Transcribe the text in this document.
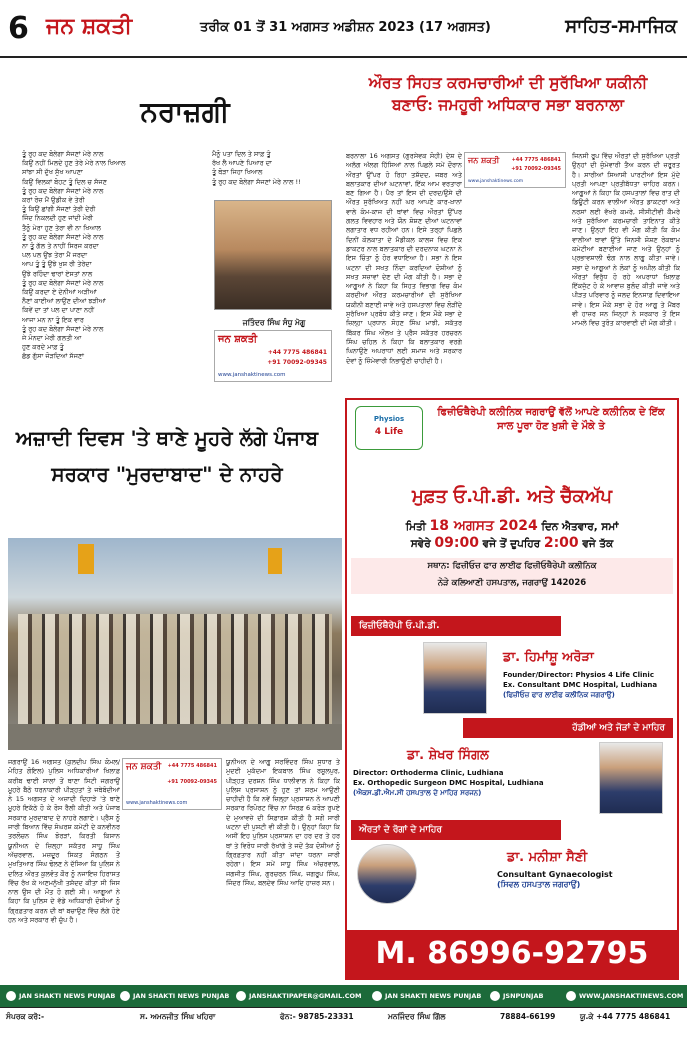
6 ਜਨ ਸ਼ਕਤੀ	ਤਰੀਕ 01 ਤੋਂ 31 ਅਗਸਤ ਅਡੀਸ਼ਨ 2023 (17 ਅਗਸਤ)	ਸਾਹਿਤ-ਸਮਾਜਿਕ
ਨਰਾਜ਼ਗੀ
ਤੂੰ ਰੁਹ ਕਦ ਬੋਲੇਗਾ ਸੱਜਣਾਂ ਮੇਰੇ ਨਾਲ
ਕਿਉਂ ਨਹੀਂ ਮਿਲਦੇ ਹੁਣ ਤੇਰੇ ਮੇਰੇ ਨਾਲ ਖਿਆਲ
ਸਾਂਝਾ ਸੀ ਦੁੱਖ ਸੁੱਖ ਆਪਣਾ
ਕਿਉਂ ਵਿਲਕਾਂ ਬੋਹਟ ਤੂੰ ਦਿਲ ਚ ਸੱਜਣ
ਤੂੰ ਰੁਹ ਕਦ ਬੋਲੇਗਾ ਸੱਜਣਾਂ ਮੇਰੇ ਨਾਲ
ਕਰਾਂ ਰੋਜ਼ ਮੈਂ ਉਡੀਕ ਵੇ ਤੇਰੀ
ਤੂੰ ਕਿਉਂ ਛਾਂਗੀ ਸੱਜਣਾਂ ਤੇਰੀ ਦੇਰੀ
ਜਿੰਦ ਨਿਕਲਦੀ ਹੁਣ ਜਾਂਦੀ ਮੇਰੀ
ਤੈਨੂੰ ਮੇਰਾ ਹੁਣ ਤੇਰਾ ਵੀ ਨਾ ਖਿਆਲ
ਤੂੰ ਰੁਹ ਕਦ ਬੋਲੇਗਾ ਸੱਜਣਾਂ ਮੇਰੇ ਨਾਲ
ਨਾ ਤੂੰ ਗੱਲ ਤੇ ਨਾਹੀਂ ਸਿਰਜ ਕਰਦਾ
ਪਲ ਪਲ ਉਂਝ ਤੇਰਾ ਮੈਂ ਜਰਦਾ
ਆਪ ਤੂੰ ਤੂੰ ਉਂਝੇ ਖੁਸ਼ ਰੀ ਤੇਰੇਦਾ
ਉਂਝੇ ਰਹਿੰਦਾ ਢਾਰਾਂ ਏਸਤਾਂ ਨਾਲ
ਤੂੰ ਰੁਹ ਕਦ ਬੋਲੇਗਾ ਸੱਜਣਾਂ ਮੇਰੇ ਨਾਲ
ਕਿਉਂ ਕਰਦਾ ਏ ਦੇਨੀਆਂ ਅੜੀਆਂ
ਨੈਣਾਂ ਕਾਈਆਂ ਲਾਉਂਣ ਦੀਆਂ ਝੜੀਆਂ
ਕਿਵੇਂ ਦਾ ਤਾਂ ਪਲ ਦਾ ਪਾਣਾ ਨਹੀਂ
ਆਜਾ ਮਨ ਨਾ ਤੂੰ ਇਕ ਵਾਰ
ਤੂੰ ਰੁਹ ਕਦ ਬੋਲੇਗਾ ਸੱਜਣਾਂ ਮੇਰੇ ਨਾਲ
ਜੇ ਮੰਨਦਾ ਮੇਰੀ ਗਲਤੀ ਆ
ਹੁਣ ਕਰਦੇ ਮਾਫ਼ ਤੂੰ
ਛੱਡ ਗੁੱਸਾ ਜੋੜਦਿਆਂ ਸੱਜਣਾਂ
ਮੈਨੂੰ ਪਤਾ ਦਿਲ ਤੇ ਸਾਫ਼ ਤੂੰ
ਰੱਖ ਲੈ ਆਪਣੇ ਪਿਆਰ ਦਾ
ਤੂੰ ਥੋੜਾ ਜਿਹਾ ਖਿਆਲ
ਤੂੰ ਰੁਹ ਕਦ ਬੋਲੇਗਾ ਸੱਜਣਾਂ ਮੇਰੇ ਨਾਲ !!
ਜਤਿੰਦਰ ਸਿੰਘ ਸੰਧੂ ਮੋਗੂ
ਜਨ ਸ਼ਕਤੀ
+44 7775 486841
+91 70092-09345
www.janshaktinews.com
ਔਰਤ ਸਿਹਤ ਕਰਮਚਾਰੀਆਂ ਦੀ ਸੁਰੱਖਿਆ ਯਕੀਨੀ
ਬਣਾਓ: ਜਮਹੂਰੀ ਅਧਿਕਾਰ ਸਭਾ ਬਰਨਾਲਾ
ਜਨ ਸ਼ਕਤੀ +44 7775 486841
+91 70092-09345
www.janshaktinews.com
ਬਰਨਾਲਾ 16 ਅਗਸਤ (ਗੁਰਸੇਵਕ ਸੋਹੀ) ਦੇਸ਼ ਦੇ ਅਲੱਗ ਅੱਲਗ ਹਿੱਸਿਆਂ ਨਾਲ ਪਿਛਲੇ ਸਮੇਂ ਦੌਰਾਨ ਔਰਤਾਂ ਉੱਪਰ ਹੋ ਰਿਹਾ ਤਸ਼ੱਦਦ, ਜਬਰ ਅਤੇ ਬਲਾਤਕਾਰ ਦੀਆਂ ਘਟਨਾਵਾਂ, ਇੱਕ ਆਮ ਵਰਤਾਰਾ ਬਣ ਗਿਆ ਹੈ। ਪੈਰ ਤਾਂ ਇਸ ਦੀ ਦਰਦ/ਉਸੇ ਦੀ ਔਰਤ ਸੁਰੱਖਿਅਤ ਨਹੀਂ ਘਰ ਆਪਣੇ ਕਾਰ-ਖ਼ਾਨਾਂ ਵਾਲੇ ਕੰਮ-ਕਾਜ ਦੀ ਥਾਂਵਾਂ ਵਿਚ ਔਰਤਾਂ ਉੱਪਰ ਗਲਤ ਵਿਵਹਾਰ ਅਤੇ ਯੌਨ ਸ਼ੋਸ਼ਣ ਦੀਆਂ ਘਟਨਾਵਾਂ ਲਗਾਤਾਰ ਵਧ ਰਹੀਆਂ ਹਨ। ਇਸੇ ਤਰ੍ਹਾਂ ਪਿਛਲੇ ਦਿਨੀਂ ਕੋਲਕਾਤਾ ਦੇ ਮੈਡੀਕਲ ਕਾਲਜ ਵਿਚ ਇਕ ਡਾਕਟਰ ਨਾਲ ਬਲਾਤਕਾਰ ਦੀ ਦਰਦਨਾਕ ਘਟਨਾ ਨੇ ਇਸ ਚਿੰਤਾ ਨੂੰ ਹੋਰ ਵਧਾਇਆ ਹੈ। ਸਭਾ ਨੇ ਇਸ ਘਟਨਾ ਦੀ ਸਖਤ ਨਿੰਦਾ ਕਰਦਿਆਂ ਦੋਸ਼ੀਆਂ ਨੂੰ ਸਖਤ ਸਜ਼ਾਵਾਂ ਦੇਣ ਦੀ ਮੰਗ ਕੀਤੀ ਹੈ। ਸਭਾ ਦੇ ਆਗੂਆਂ ਨੇ ਕਿਹਾ ਕਿ ਸਿਹਤ ਵਿਭਾਗ ਵਿਚ ਕੰਮ ਕਰਦੀਆਂ ਔਰਤ ਕਰਮਚਾਰੀਆਂ ਦੀ ਸੁਰੱਖਿਆ ਯਕੀਨੀ ਬਣਾਈ ਜਾਵੇ ਅਤੇ ਹਸਪਤਾਲਾਂ ਵਿਚ ਲੋੜੀਂਦੇ ਸੁਰੱਖਿਆ ਪ੍ਰਬੰਧ ਕੀਤੇ ਜਾਣ। ਇਸ ਮੌਕੇ ਸਭਾ ਦੇ ਜ਼ਿਲ੍ਹਾ ਪ੍ਰਧਾਨ ਸੋਹਣ ਸਿੰਘ ਮਾਝੀ, ਸਕੱਤਰ ਬਿੱਕਰ ਸਿੰਘ ਔਲਖ ਤੇ ਪ੍ਰੈਸ ਸਕੱਤਰ ਹਰਚਰਨ ਸਿੰਘ ਚਹਿਲ ਨੇ ਕਿਹਾ ਕਿ ਬਲਾਤਕਾਰ ਵਰਗੇ ਘਿਨਾਉਣੇ ਅਪਰਾਧਾਂ ਲਈ ਸਮਾਜ ਅਤੇ ਸਰਕਾਰ ਦੋਵਾਂ ਨੂੰ ਜ਼ਿੰਮੇਵਾਰੀ ਨਿਭਾਉਣੀ ਚਾਹੀਦੀ ਹੈ।
ਜਿਨਸੀ ਰੂਪ ਵਿੱਚ ਔਰਤਾਂ ਦੀ ਸੁਰੱਖਿਆ ਪ੍ਰਤੀ ਉਨ੍ਹਾਂ ਦੀ ਜ਼ੁੰਮੇਵਾਰੀ ਤੈਅ ਕਰਨ ਦੀ ਜ਼ਰੂਰਤ ਹੈ। ਸਾਰੀਆਂ ਸਿਆਸੀ ਪਾਰਟੀਆਂ ਇਸ ਮੁੱਦੇ ਪ੍ਰਤੀ ਆਪਣਾ ਪ੍ਰਤੀਬੱਧਤਾ ਜ਼ਾਹਿਰ ਕਰਨ। ਆਗੂਆਂ ਨੇ ਕਿਹਾ ਕਿ ਹਸਪਤਾਲਾਂ ਵਿਚ ਰਾਤ ਦੀ ਡਿਊਟੀ ਕਰਨ ਵਾਲੀਆਂ ਔਰਤ ਡਾਕਟਰਾਂ ਅਤੇ ਨਰਸਾਂ ਲਈ ਵੱਖਰੇ ਕਮਰੇ, ਸੀਸੀਟੀਵੀ ਕੈਮਰੇ ਅਤੇ ਸੁਰੱਖਿਆ ਕਰਮਚਾਰੀ ਤਾਇਨਾਤ ਕੀਤੇ ਜਾਣ। ਉਨ੍ਹਾਂ ਇਹ ਵੀ ਮੰਗ ਕੀਤੀ ਕਿ ਕੰਮ ਵਾਲੀਆਂ ਥਾਵਾਂ ਉੱਤੇ ਜਿਨਸੀ ਸ਼ੋਸ਼ਣ ਰੋਕਥਾਮ ਕਮੇਟੀਆਂ ਬਣਾਈਆਂ ਜਾਣ ਅਤੇ ਉਨ੍ਹਾਂ ਨੂੰ ਪ੍ਰਭਾਵਸ਼ਾਲੀ ਢੰਗ ਨਾਲ ਲਾਗੂ ਕੀਤਾ ਜਾਵੇ। ਸਭਾ ਦੇ ਆਗੂਆਂ ਨੇ ਲੋਕਾਂ ਨੂੰ ਅਪੀਲ ਕੀਤੀ ਕਿ ਔਰਤਾਂ ਵਿਰੁੱਧ ਹੋ ਰਹੇ ਅਪਰਾਧਾਂ ਖ਼ਿਲਾਫ਼ ਇੱਕਜੁੱਟ ਹੋ ਕੇ ਆਵਾਜ਼ ਬੁਲੰਦ ਕੀਤੀ ਜਾਵੇ ਅਤੇ ਪੀੜਤ ਪਰਿਵਾਰ ਨੂੰ ਜਲਦ ਇਨਸਾਫ਼ ਦਿਵਾਇਆ ਜਾਵੇ। ਇਸ ਮੌਕੇ ਸਭਾ ਦੇ ਹੋਰ ਆਗੂ ਤੇ ਮੈਂਬਰ ਵੀ ਹਾਜ਼ਰ ਸਨ ਜਿਨ੍ਹਾਂ ਨੇ ਸਰਕਾਰ ਤੋਂ ਇਸ ਮਾਮਲੇ ਵਿਚ ਤੁਰੰਤ ਕਾਰਵਾਈ ਦੀ ਮੰਗ ਕੀਤੀ।
ਅਜ਼ਾਦੀ ਦਿਵਸ 'ਤੇ ਥਾਣੇ ਮੂਹਰੇ ਲੱਗੇ ਪੰਜਾਬ
ਸਰਕਾਰ "ਮੁਰਦਾਬਾਦ" ਦੇ ਨਾਹਰੇ
ਜਨ ਸ਼ਕਤੀ +44 7775 486841
+91 70092-09345
www.janshaktinews.com
ਜਗਰਾਉਂ 16 ਅਗਸਤ (ਕੁਲਦੀਪ ਸਿੰਘ ਕੋਮਲ/ ਮੋਹਿਤ ਗੋਇਲ) ਪੁਲਿਸ ਅਧਿਕਾਰੀਆਂ ਖਿਲਾਫ਼ ਕਰੀਬ ਢਾਈ ਸਾਲਾਂ ਤੋਂ ਥਾਣਾ ਸਿਟੀ ਜਗਰਾਉਂ ਮੂਹਰੇ ਬੈਠੇ ਧਰਨਾਕਾਰੀ ਪੀੜ੍ਹਤਾਂ ਤੇ ਜਥੇਬੰਦੀਆਂ ਨੇ 15 ਅਗਸਤ ਦੇ ਅਜ਼ਾਦੀ ਦਿਹਾੜੇ 'ਤੇ ਥਾਣੇ ਮੂਹਰੇ ਇਕੱਠੇ ਹੋ ਕੇ ਰੋਸ ਰੈਲੀ ਕੀਤੀ ਅਤੇ ਪੰਜਾਬ ਸਰਕਾਰ ਮੁਰਦਾਬਾਦ ਦੇ ਨਾਹਰੇ ਲਗਾਏ। ਪ੍ਰੈਸ ਨੂੰ ਜਾਰੀ ਬਿਆਨ ਵਿੱਚ ਸੰਘਰਸ਼ ਕਮੇਟੀ ਦੇ ਕਨਵੀਨਰ ਤਰਲੋਚਨ ਸਿੰਘ ਝੋਰੜਾਂ, ਕਿਰਤੀ ਕਿਸਾਨ ਯੂਨੀਅਨ ਦੇ ਜ਼ਿਲ੍ਹਾ ਸਕੱਤਰ ਸਾਧੂ ਸਿੰਘ ਅੱਚਰਵਾਲ, ਮਜ਼ਦੂਰ ਸਿਕਤ ਸੰਗਠਨ ਤੋਂ ਮੁਖਤਿਆਰ ਸਿੰਘ ਢੋਲਣ ਨੇ ਦੱਸਿਆ ਕਿ ਪੁਲਿਸ ਨੇ ਦਲਿਤ ਔਰਤ ਕੁਲਵੰਤ ਕੌਰ ਨੂੰ ਨਜਾਇਜ਼ ਹਿਰਾਸਤ ਵਿੱਚ ਰੱਖ ਕੇ ਅਣਮਨੁੱਖੀ ਤਸ਼ੱਦਦ ਕੀਤਾ ਸੀ ਜਿਸ ਨਾਲ ਉਸ ਦੀ ਮੌਤ ਹੋ ਗਈ ਸੀ। ਆਗੂਆਂ ਨੇ ਕਿਹਾ ਕਿ ਪੁਲਿਸ ਦੇ ਵੱਡੇ ਅਧਿਕਾਰੀ ਦੋਸ਼ੀਆਂ ਨੂੰ ਗ੍ਰਿਫ਼ਤਾਰ ਕਰਨ ਦੀ ਥਾਂ ਬਚਾਉਣ ਵਿੱਚ ਲੱਗੇ ਹੋਏ ਹਨ ਅਤੇ ਸਰਕਾਰ ਵੀ ਚੁੱਪ ਹੈ।
ਯੂਨੀਅਨ ਦੇ ਆਗੂ ਸਰਵਿੰਦਰ ਸਿੰਘ ਸੁਧਾਰ ਤੇ ਮੁਦਈ ਮੁਕੱਦਮਾ ਇਕਬਾਲ ਸਿੰਘ ਰਸੂਲਪੁਰ, ਪੀੜ੍ਹਤ ਦਰਸ਼ਨ ਸਿੰਘ ਧਾਲੀਵਾਲ ਨੇ ਕਿਹਾ ਕਿ ਪੁਲਿਸ ਪ੍ਰਸਾਸ਼ਨ ਨੂੰ ਹੁਣ ਤਾਂ ਸ਼ਰਮ ਆਉਣੀ ਚਾਹੀਦੀ ਹੈ ਕਿ ਨਵੇਂ ਜ਼ਿਲ੍ਹਾ ਪ੍ਰਸਾਸ਼ਨ ਨੇ ਆਪਣੀ ਸਰਕਾਰ ਰਿਪੋਰਟ ਵਿੱਚ ਨਾ ਸਿਰਫ਼ 6 ਕਰੋੜ ਰੁਪਏ ਦੇ ਮੁਆਵਜ਼ੇ ਦੀ ਸਿਫ਼ਾਰਸ਼ ਕੀਤੀ ਹੈ ਸਗੋਂ ਸਾਰੀ ਘਟਨਾ ਦੀ ਪੁਸ਼ਟੀ ਵੀ ਕੀਤੀ ਹੈ। ਉਨ੍ਹਾਂ ਕਿਹਾ ਕਿ ਅਸੀਂ ਇਹ ਪੁਲਿਸ ਪ੍ਰਸਾਸ਼ਨ ਦਾ ਹਰ ਦਰ ਤੇ ਹਰ ਥਾਂ ਤੇ ਵਿਰੋਧ ਜਾਰੀ ਰੱਖਾਂਗੇ ਤੇ ਜਦੋਂ ਤੱਕ ਦੋਸ਼ੀਆਂ ਨੂੰ ਗ੍ਰਿਫ਼ਤਾਰ ਨਹੀਂ ਕੀਤਾ ਜਾਂਦਾ ਧਰਨਾ ਜਾਰੀ ਰਹੇਗਾ। ਇਸ ਸਮੇਂ ਸਾਧੂ ਸਿੰਘ ਅੱਚਰਵਾਲ, ਜਗਜੀਤ ਸਿੰਘ, ਗੁਰਚਰਨ ਸਿੰਘ, ਜਗਰੂਪ ਸਿੰਘ, ਜਿੰਦਰ ਸਿੰਘ, ਬਲਦੇਵ ਸਿੰਘ ਆਦਿ ਹਾਜ਼ਰ ਸਨ।
Physios
4 Life
ਫਿਜ਼ੀਓਥੈਰੇਪੀ ਕਲੀਨਿਕ ਜਗਰਾਉਂ ਵੱਲੋਂ ਆਪਣੇ ਕਲੀਨਿਕ ਦੇ ਇੱਕ ਸਾਲ ਪੂਰਾ ਹੋਣ ਖ਼ੁਸ਼ੀ ਦੇ ਮੌਕੇ ਤੇ
ਮੁਫ਼ਤ ਓ.ਪੀ.ਡੀ. ਅਤੇ ਚੈੱਕਅੱਪ
ਮਿਤੀ 18 ਅਗਸਤ 2024 ਦਿਨ ਐਤਵਾਰ, ਸਮਾਂ
ਸਵੇਰੇ 09:00 ਵਜੇ ਤੋਂ ਦੁਪਹਿਰ 2:00 ਵਜੇ ਤੱਕ
ਸਥਾਨ: ਫਿਜ਼ੀਓਜ਼ ਫਾਰ ਲਾਈਫ ਫਿਜ਼ੀਓਥੈਰੇਪੀ ਕਲੀਨਿਕ
ਨੇੜੇ ਕਲਿਆਣੀ ਹਸਪਤਾਲ, ਜਗਰਾਉਂ 142026
ਫਿਜ਼ੀਓਥੈਰੇਪੀ ਓ.ਪੀ.ਡੀ.
ਡਾ. ਹਿਮਾਂਸ਼ੂ ਅਰੋੜਾ
Founder/Director: Physios 4 Life Clinic
Ex. Consultant DMC Hospital, Ludhiana
(ਫਿਜ਼ੀਓਜ਼ ਫਾਰ ਲਾਈਫ ਕਲੀਨਿਕ ਜਗਰਾਉਂ)
ਹੱਡੀਆਂ ਅਤੇ ਜੋੜਾਂ ਦੇ ਮਾਹਿਰ
ਡਾ. ਸ਼ੇਖਰ ਸਿੰਗਲ
Director: Orthoderma Clinic, Ludhiana
Ex. Orthopedic Surgeon DMC Hospital, Ludhiana
(ਐਕਸ.ਡੀ.ਐਮ.ਸੀ ਹਸਪਤਾਲ ਦੇ ਮਾਹਿਰ ਸਰਜਨ)
ਔਰਤਾਂ ਦੇ ਰੋਗਾਂ ਦੇ ਮਾਹਿਰ
ਡਾ. ਮਨੀਸ਼ਾ ਸੈਣੀ
Consultant Gynaecologist
(ਸਿਵਲ ਹਸਪਤਾਲ ਜਗਰਾਉਂ)
M. 86996-92795
JAN SHAKTI NEWS PUNJAB	JAN SHAKTI NEWS PUNJAB	JANSHAKTIPAPER@GMAIL.COM	JAN SHAKTI NEWS PUNJAB	JSNPUNJAB	WWW.JANSHAKTINEWS.COM
ਸੰਪਰਕ ਕਰੋ:-	ਸ. ਅਮਨਜੀਤ ਸਿੰਘ ਖਹਿਰਾ	ਫੋਨ:- 98785-23331	ਮਨਜਿੰਦਰ ਸਿੰਘ ਗਿੱਲ	78884-66199	ਯੂ.ਕੇ +44 7775 486841
